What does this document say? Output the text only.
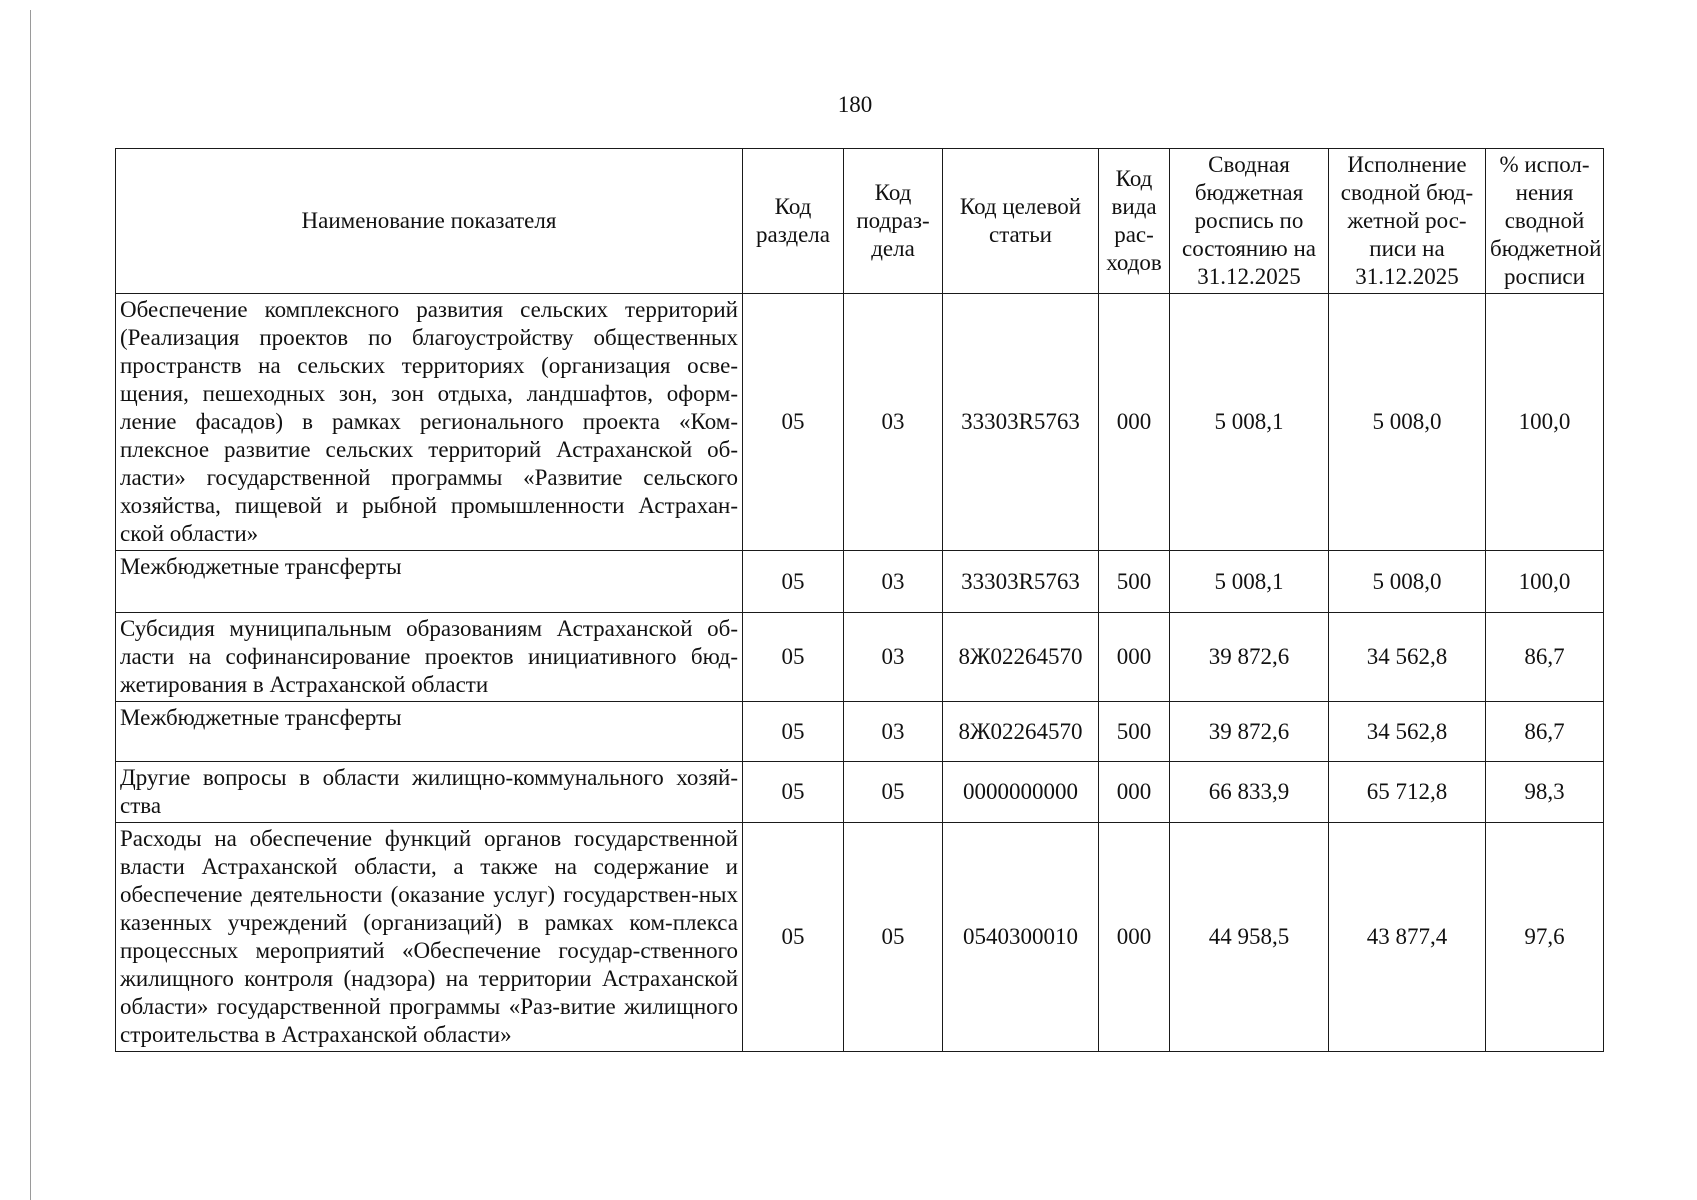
180
Наименование показателя	Код раздела	Код подраз-дела	Код целевой статьи	Код вида рас-ходов	Сводная бюджетная роспись по состоянию на 31.12.2025	Исполнение сводной бюд-жетной рос-писи на 31.12.2025	% испол-нения сводной бюджетной росписи
Обеспечение комплексного развития сельских территорий (Реализация проектов по благоустройству общественных пространств на сельских территориях (организация осве-щения, пешеходных зон, зон отдыха, ландшафтов, оформ-ление фасадов) в рамках регионального проекта «Ком-плексное развитие сельских территорий Астраханской об-ласти» государственной программы «Развитие сельского хозяйства, пищевой и рыбной промышленности Астрахан-ской области»	05	03	33303R5763	000	5 008,1	5 008,0	100,0
Межбюджетные трансферты	05	03	33303R5763	500	5 008,1	5 008,0	100,0
Субсидия муниципальным образованиям Астраханской об-ласти на софинансирование проектов инициативного бюд-жетирования в Астраханской области	05	03	8Ж02264570	000	39 872,6	34 562,8	86,7
Межбюджетные трансферты	05	03	8Ж02264570	500	39 872,6	34 562,8	86,7
Другие вопросы в области жилищно-коммунального хозяй-ства	05	05	0000000000	000	66 833,9	65 712,8	98,3
Расходы на обеспечение функций органов государственной власти Астраханской области, а также на содержание и обеспечение деятельности (оказание услуг) государствен-ных казенных учреждений (организаций) в рамках ком-плекса процессных мероприятий «Обеспечение государ-ственного жилищного контроля (надзора) на территории Астраханской области» государственной программы «Раз-витие жилищного строительства в Астраханской области»	05	05	0540300010	000	44 958,5	43 877,4	97,6
